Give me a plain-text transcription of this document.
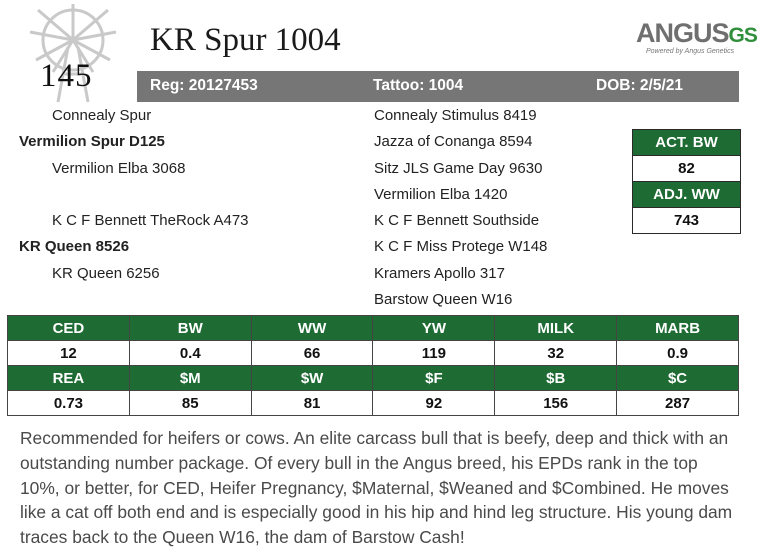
145
KR Spur 1004	ANGUSGS
Powered by Angus Genetics
Reg: 20127453	Tattoo: 1004	DOB: 2/5/21
Connealy Spur
Vermilion Spur D125
Vermilion Elba 3068
K C F Bennett TheRock A473
KR Queen 8526
KR Queen 6256
Connealy Stimulus 8419
Jazza of Conanga 8594
Sitz JLS Game Day 9630
Vermilion Elba 1420
K C F Bennett Southside
K C F Miss Protege W148
Kramers Apollo 317
Barstow Queen W16
ACT. BW
82
ADJ. WW
743
CED	BW	WW	YW	MILK	MARB
12	0.4	66	119	32	0.9
REA	$M	$W	$F	$B	$C
0.73	85	81	92	156	287
Recommended for heifers or cows. An elite carcass bull that is beefy, deep and thick with an outstanding number package. Of every bull in the Angus breed, his EPDs rank in the top 10%, or better, for CED, Heifer Pregnancy, $Maternal, $Weaned and $Combined. He moves like a cat off both end and is especially good in his hip and hind leg structure. His young dam traces back to the Queen W16, the dam of Barstow Cash!
